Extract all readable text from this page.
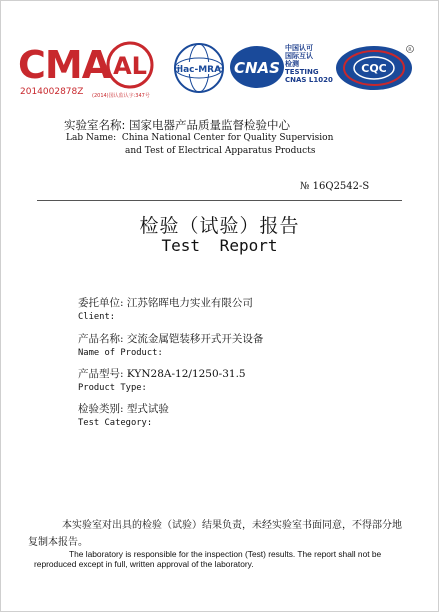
CMA
2014002878Z
AL
(2014)国认监认字:347号
ilac-MRA CNAS
中国认可
国际互认
检测
TESTING
CNAS L1020
CQC
R
实验室名称: 国家电器产品质量监督检验中心
Lab Name: China National Center for Quality Supervision
and Test of Electrical Apparatus Products
№ 16Q2542-S
检验（试验）报告
Test Report
委托单位: 江苏铭晖电力实业有限公司
Client:
产品名称: 交流金属铠装移开式开关设备
Name of Product:
产品型号: KYN28A-12/1250-31.5
Product Type:
检验类别: 型式试验
Test Category:
本实验室对出具的检验（试验）结果负责，未经实验室书面同意，不得部分地复制本报告。
The laboratory is responsible for the inspection (Test) results. The report shall not be reproduced except in full, written approval of the laboratory.
